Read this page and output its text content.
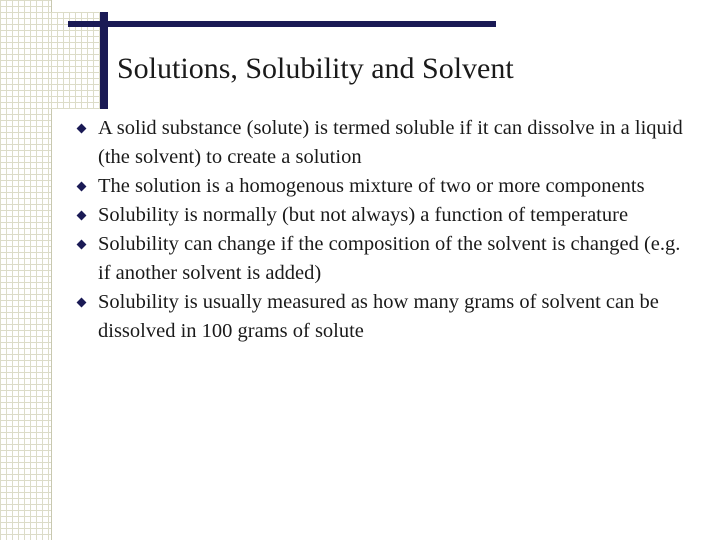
Solutions, Solubility and Solvent
A solid substance (solute) is termed soluble if it can dissolve in a liquid (the solvent) to create a solution
The solution is a homogenous mixture of two or more components
Solubility is normally (but not always) a function of temperature
Solubility can change if the composition of the solvent is changed (e.g. if another solvent is added)
Solubility is usually measured as how many grams of solvent can be dissolved in 100 grams of solute
